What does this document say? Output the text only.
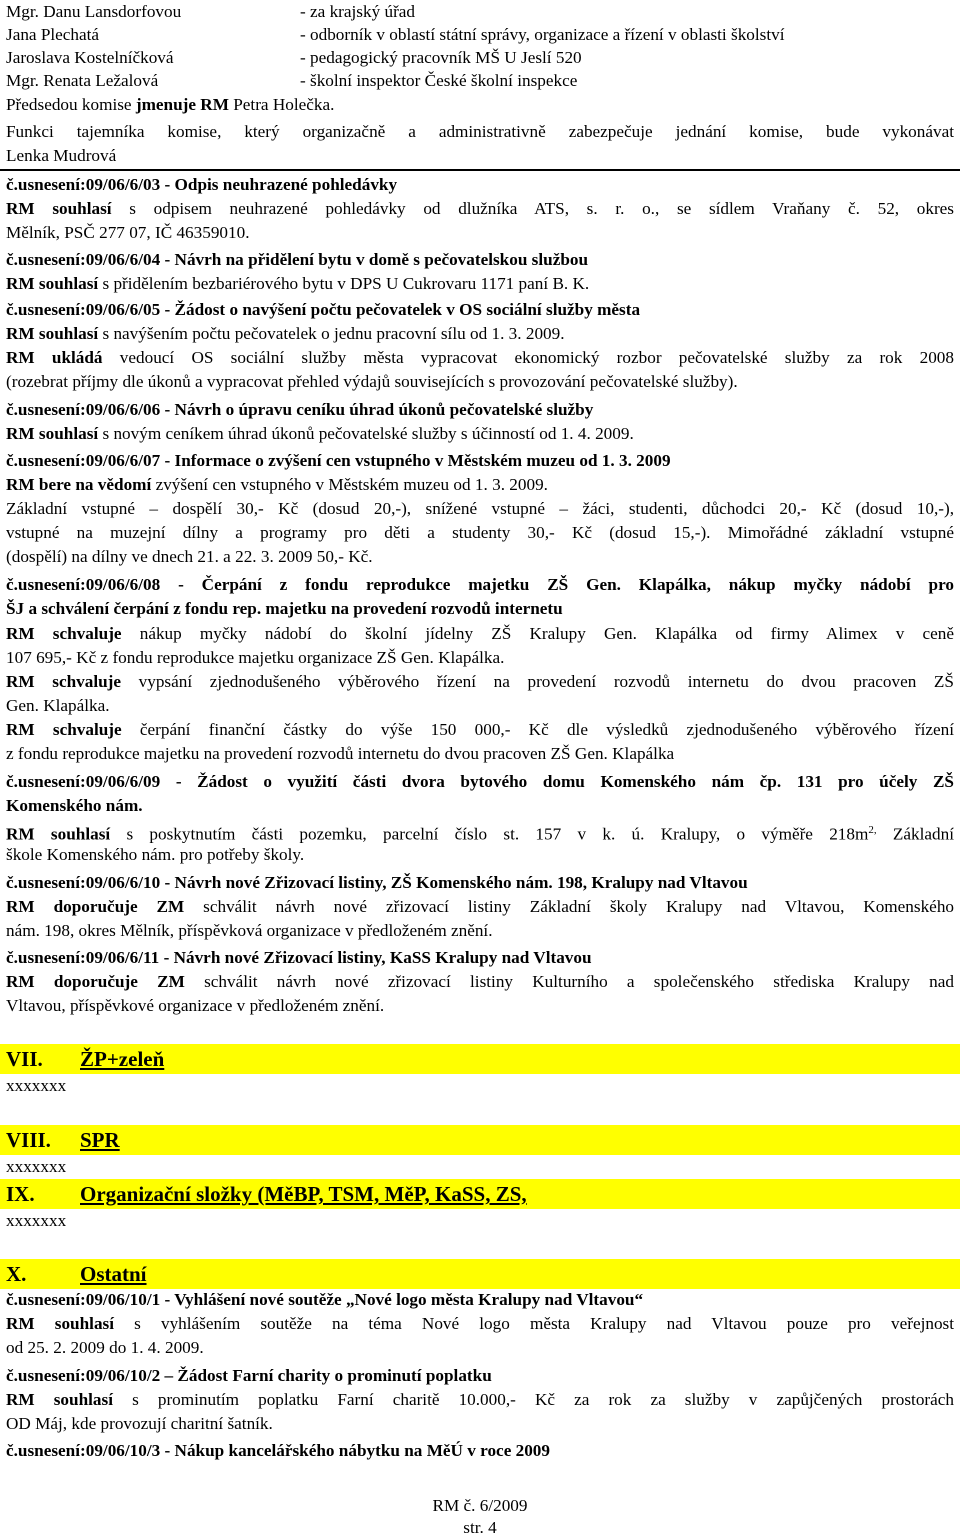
Mgr. Danu Lansdorfovou	- za krajský úřad
Jana Plechatá	- odborník v oblastí státní správy, organizace a řízení v oblasti školství
Jaroslava Kostelníčková	- pedagogický pracovník MŠ U Jeslí 520
Mgr. Renata Ležalová	- školní inspektor České školní inspekce
Předsedou komise jmenuje RM Petra Holečka.
Funkci tajemníka komise, který organizačně a administrativně zabezpečuje jednání komise, bude vykonávat
Lenka Mudrová
č.usnesení:09/06/6/03 - Odpis neuhrazené pohledávky
RM souhlasí s odpisem neuhrazené pohledávky od dlužníka ATS, s. r. o., se sídlem Vraňany č. 52, okres
Mělník, PSČ 277 07, IČ 46359010.
č.usnesení:09/06/6/04 - Návrh na přidělení bytu v domě s pečovatelskou službou
RM souhlasí s přidělením bezbariérového bytu v DPS U Cukrovaru 1171 paní B. K.
č.usnesení:09/06/6/05 - Žádost o navýšení počtu pečovatelek v OS sociální služby města
RM souhlasí s navýšením počtu pečovatelek o jednu pracovní sílu od 1. 3. 2009.
RM ukládá vedoucí OS sociální služby města vypracovat ekonomický rozbor pečovatelské služby za rok 2008
(rozebrat příjmy dle úkonů a vypracovat přehled výdajů souvisejících s provozování pečovatelské služby).
č.usnesení:09/06/6/06 - Návrh o úpravu ceníku úhrad úkonů pečovatelské služby
RM souhlasí s novým ceníkem úhrad úkonů pečovatelské služby s účinností od 1. 4. 2009.
č.usnesení:09/06/6/07 - Informace o zvýšení cen vstupného v Městském muzeu od 1. 3. 2009
RM bere na vědomí zvýšení cen vstupného v Městském muzeu od 1. 3. 2009.
Základní vstupné – dospělí 30,- Kč (dosud 20,-), snížené vstupné – žáci, studenti, důchodci 20,- Kč (dosud 10,-),
vstupné na muzejní dílny a programy pro děti a studenty 30,- Kč (dosud 15,-). Mimořádné základní vstupné
(dospělí) na dílny ve dnech 21. a 22. 3. 2009 50,- Kč.
č.usnesení:09/06/6/08 - Čerpání z fondu reprodukce majetku ZŠ Gen. Klapálka, nákup myčky nádobí pro
ŠJ a schválení čerpání z fondu rep. majetku na provedení rozvodů internetu
RM schvaluje nákup myčky nádobí do školní jídelny ZŠ Kralupy Gen. Klapálka od firmy Alimex v ceně
107 695,- Kč z fondu reprodukce majetku organizace ZŠ Gen. Klapálka.
RM schvaluje vypsání zjednodušeného výběrového řízení na provedení rozvodů internetu do dvou pracoven ZŠ
Gen. Klapálka.
RM schvaluje čerpání finanční částky do výše 150 000,- Kč dle výsledků zjednodušeného výběrového řízení
z fondu reprodukce majetku na provedení rozvodů internetu do dvou pracoven ZŠ Gen. Klapálka
č.usnesení:09/06/6/09 - Žádost o využití části dvora bytového domu Komenského nám čp. 131 pro účely ZŠ
Komenského nám.
RM souhlasí s poskytnutím části pozemku, parcelní číslo st. 157 v k. ú. Kralupy, o výměře $218m^{2,}$ Základní
škole Komenského nám. pro potřeby školy.
č.usnesení:09/06/6/10 - Návrh nové Zřizovací listiny, ZŠ Komenského nám. 198, Kralupy nad Vltavou
RM doporučuje ZM schválit návrh nové zřizovací listiny Základní školy Kralupy nad Vltavou, Komenského
nám. 198, okres Mělník, příspěvková organizace v předloženém znění.
č.usnesení:09/06/6/11 - Návrh nové Zřizovací listiny, KaSS Kralupy nad Vltavou
RM doporučuje ZM schválit návrh nové zřizovací listiny Kulturního a společenského střediska Kralupy nad
Vltavou, příspěvkové organizace v předloženém znění.
VII. ŽP+zeleň
xxxxxxx
VIII. SPR
xxxxxxx
IX. Organizační složky (MěBP, TSM, MěP, KaSS, ZS,
xxxxxxx
X.	Ostatní
č.usnesení:09/06/10/1 - Vyhlášení nové soutěže „Nové logo města Kralupy nad Vltavou“
RM souhlasí s vyhlášením soutěže na téma Nové logo města Kralupy nad Vltavou pouze pro veřejnost
od 25. 2. 2009 do 1. 4. 2009.
č.usnesení:09/06/10/2 – Žádost Farní charity o prominutí poplatku
RM souhlasí s prominutím poplatku Farní charitě 10.000,- Kč za rok za služby v zapůjčených prostorách
OD Máj, kde provozují charitní šatník.
č.usnesení:09/06/10/3 - Nákup kancelářského nábytku na MěÚ v roce 2009
RM č. 6/2009
str. 4
